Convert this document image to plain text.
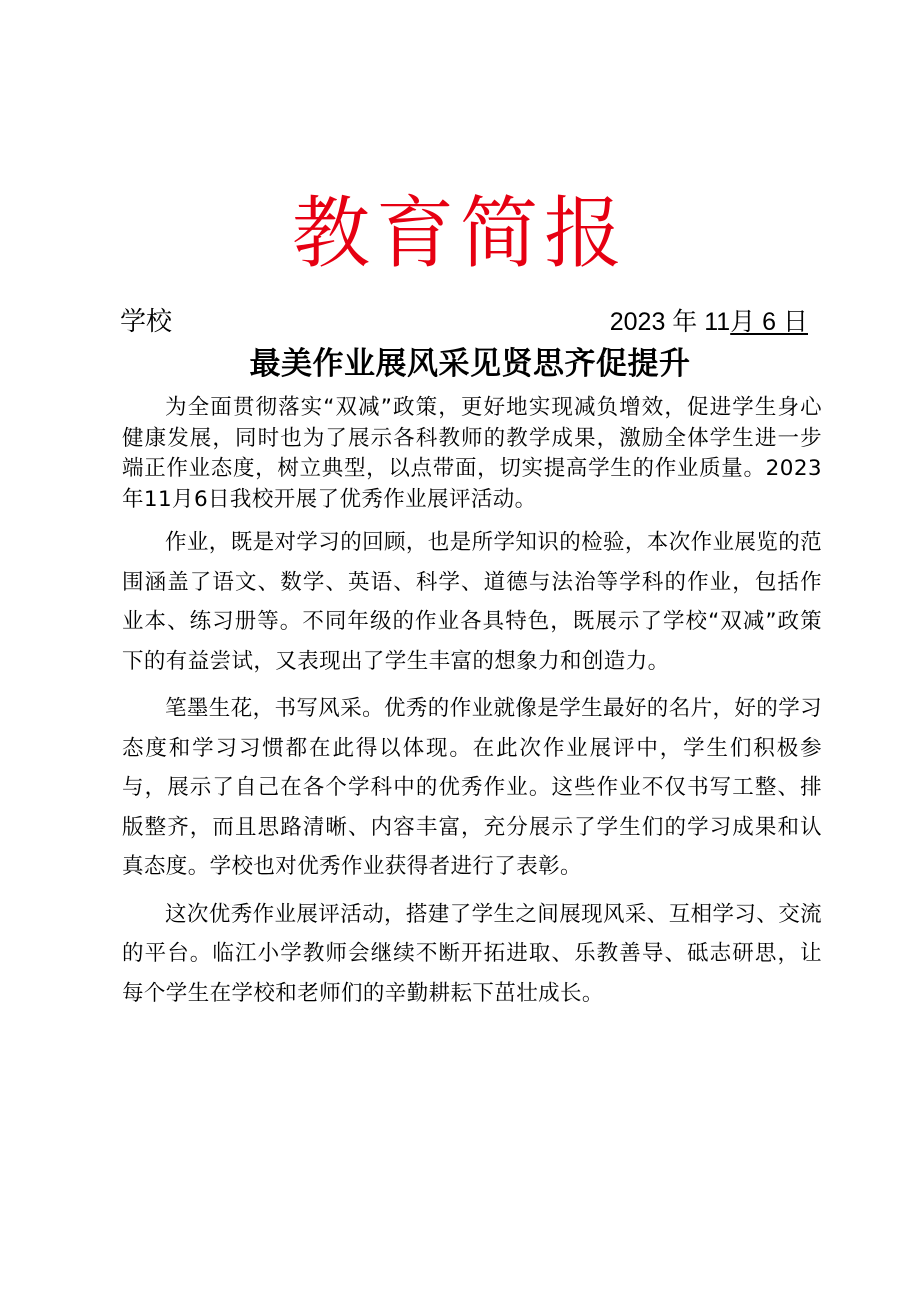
教育简报
学校	2023 年 11月 6 日
最美作业展风采见贤思齐促提升

为全面贯彻落实“双减”政策，更好地实现减负增效，促进学生身心健康发展，同时也为了展示各科教师的教学成果，激励全体学生进一步端正作业态度，树立典型，以点带面，切实提高学生的作业质量。2023年11月6日我校开展了优秀作业展评活动。

作业，既是对学习的回顾，也是所学知识的检验，本次作业展览的范围涵盖了语文、数学、英语、科学、道德与法治等学科的作业，包括作业本、练习册等。不同年级的作业各具特色，既展示了学校“双减”政策下的有益尝试，又表现出了学生丰富的想象力和创造力。

笔墨生花，书写风采。优秀的作业就像是学生最好的名片，好的学习态度和学习习惯都在此得以体现。在此次作业展评中，学生们积极参与，展示了自己在各个学科中的优秀作业。这些作业不仅书写工整、排版整齐，而且思路清晰、内容丰富，充分展示了学生们的学习成果和认真态度。学校也对优秀作业获得者进行了表彰。

这次优秀作业展评活动，搭建了学生之间展现风采、互相学习、交流的平台。临江小学教师会继续不断开拓进取、乐教善导、砥志研思，让每个学生在学校和老师们的辛勤耕耘下茁壮成长。
